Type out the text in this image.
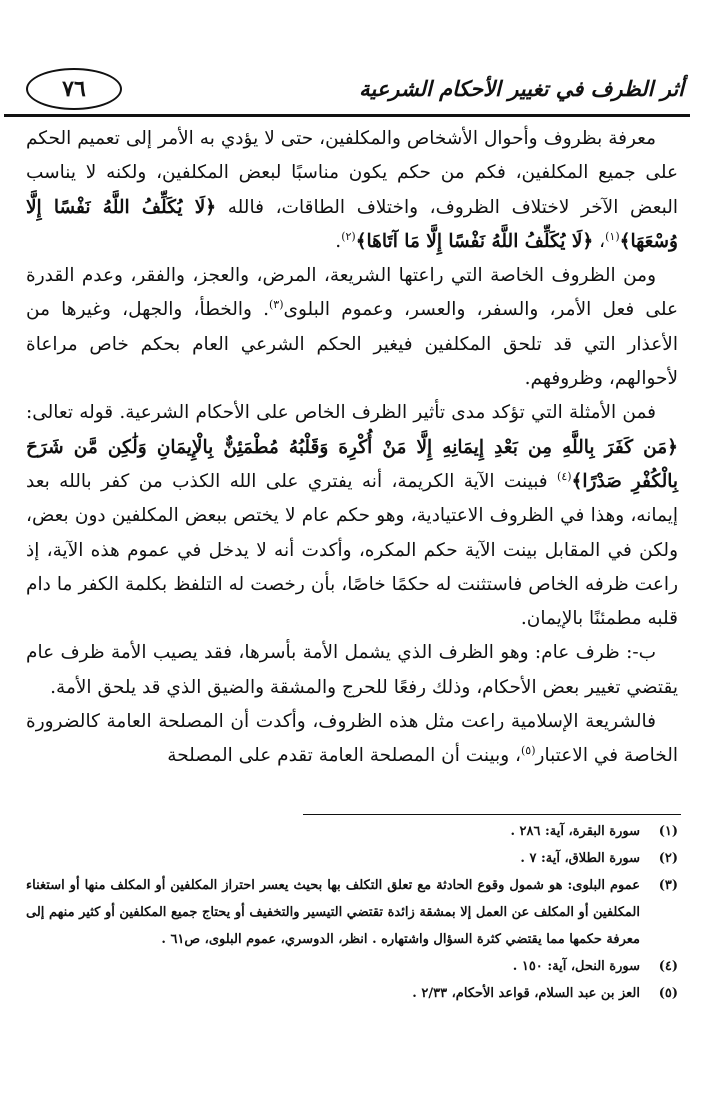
أثر الظرف في تغيير الأحكام الشرعية
٧٦

معرفة بظروف وأحوال الأشخاص والمكلفين، حتى لا يؤدي به الأمر إلى تعميم الحكم على جميع المكلفين، فكم من حكم يكون مناسبًا لبعض المكلفين، ولكنه لا يناسب البعض الآخر لاختلاف الظروف، واختلاف الطاقات، فالله ﴿لَا يُكَلِّفُ اللَّهُ نَفْسًا إِلَّا وُسْعَهَا﴾$^{(١)}$، ﴿لَا يُكَلِّفُ اللَّهُ نَفْسًا إِلَّا مَا آتَاهَا﴾$^{(٢)}$.

ومن الظروف الخاصة التي راعتها الشريعة، المرض، والعجز، والفقر، وعدم القدرة على فعل الأمر، والسفر، والعسر، وعموم البلوى$^{(٣)}$. والخطأ، والجهل، وغيرها من الأعذار التي قد تلحق المكلفين فيغير الحكم الشرعي العام بحكم خاص مراعاة لأحوالهم، وظروفهم.

فمن الأمثلة التي تؤكد مدى تأثير الظرف الخاص على الأحكام الشرعية. قوله تعالى: ﴿مَن كَفَرَ بِاللَّهِ مِن بَعْدِ إِيمَانِهِ إِلَّا مَنْ أُكْرِهَ وَقَلْبُهُ مُطْمَئِنٌّ بِالْإِيمَانِ وَلَٰكِن مَّن شَرَحَ بِالْكُفْرِ صَدْرًا﴾$^{(٤)}$ فبينت الآية الكريمة، أنه يفتري على الله الكذب من كفر بالله بعد إيمانه، وهذا في الظروف الاعتيادية، وهو حكم عام لا يختص ببعض المكلفين دون بعض، ولكن في المقابل بينت الآية حكم المكره، وأكدت أنه لا يدخل في عموم هذه الآية، إذ راعت ظرفه الخاص فاستثنت له حكمًا خاصًا، بأن رخصت له التلفظ بكلمة الكفر ما دام قلبه مطمئنًا بالإيمان.

ب-: ظرف عام: وهو الظرف الذي يشمل الأمة بأسرها، فقد يصيب الأمة ظرف عام يقتضي تغيير بعض الأحكام، وذلك رفعًا للحرج والمشقة والضيق الذي قد يلحق الأمة.

فالشريعة الإسلامية راعت مثل هذه الظروف، وأكدت أن المصلحة العامة كالضرورة الخاصة في الاعتبار$^{(٥)}$، وبينت أن المصلحة العامة تقدم على المصلحة

(١)
سورة البقرة، آية: ٢٨٦ .
(٢)
سورة الطلاق، آية: ٧ .
(٣)
عموم البلوى: هو شمول وقوع الحادثة مع تعلق التكلف بها بحيث يعسر احتراز المكلفين أو المكلف منها أو استغناء المكلفين أو المكلف عن العمل إلا بمشقة زائدة تقتضي التيسير والتخفيف أو يحتاج جميع المكلفين أو كثير منهم إلى معرفة حكمها مما يقتضي كثرة السؤال واشتهاره . انظر، الدوسري، عموم البلوى، ص٦١ .
(٤)
سورة النحل، آية: ١٥٠ .
(٥)
العز بن عبد السلام، قواعد الأحكام، ٢/٣٣ .
